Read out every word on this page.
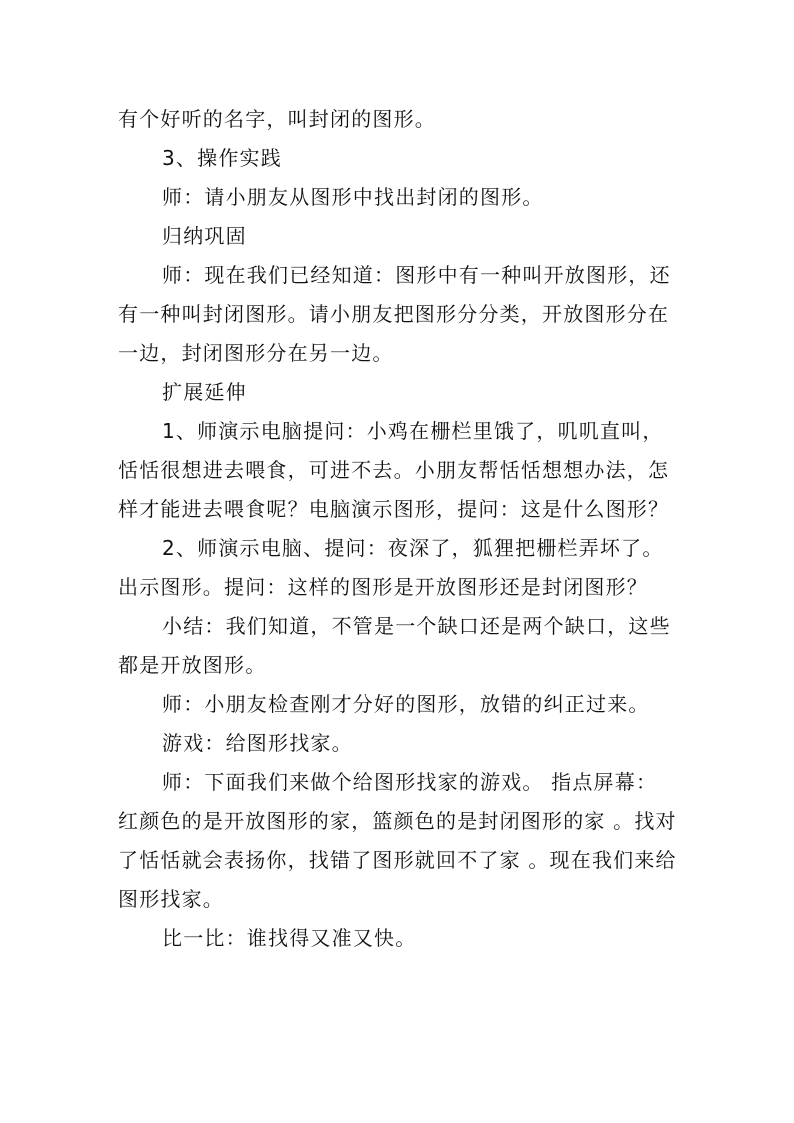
有个好听的名字，叫封闭的图形。

3、操作实践

师：请小朋友从图形中找出封闭的图形。

归纳巩固

师：现在我们已经知道：图形中有一种叫开放图形，还有一种叫封闭图形。请小朋友把图形分分类，开放图形分在一边，封闭图形分在另一边。

扩展延伸

1、师演示电脑提问：小鸡在栅栏里饿了，叽叽直叫，恬恬很想进去喂食，可进不去。小朋友帮恬恬想想办法，怎样才能进去喂食呢？电脑演示图形，提问：这是什么图形？

2、师演示电脑、提问：夜深了，狐狸把栅栏弄坏了。出示图形。提问：这样的图形是开放图形还是封闭图形？

小结：我们知道，不管是一个缺口还是两个缺口，这些都是开放图形。

师：小朋友检查刚才分好的图形，放错的纠正过来。

游戏：给图形找家。

师：下面我们来做个给图形找家的游戏。 指点屏幕：红颜色的是开放图形的家，篮颜色的是封闭图形的家 。找对了恬恬就会表扬你，找错了图形就回不了家 。现在我们来给图形找家。

比一比：谁找得又准又快。
